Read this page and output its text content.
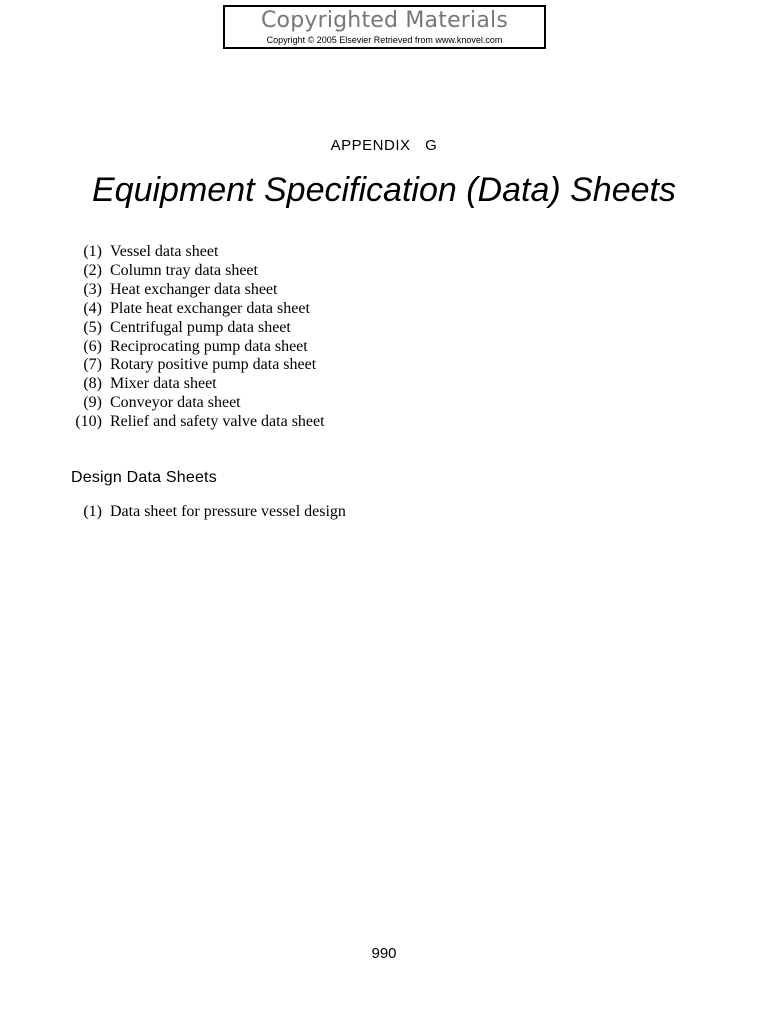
Copyrighted Materials
Copyright © 2005 Elsevier Retrieved from www.knovel.com
APPENDIX G
Equipment Specification (Data) Sheets
(1) Vessel data sheet
(2) Column tray data sheet
(3) Heat exchanger data sheet
(4) Plate heat exchanger data sheet
(5) Centrifugal pump data sheet
(6) Reciprocating pump data sheet
(7) Rotary positive pump data sheet
(8) Mixer data sheet
(9) Conveyor data sheet
(10) Relief and safety valve data sheet
Design Data Sheets
(1) Data sheet for pressure vessel design
990
